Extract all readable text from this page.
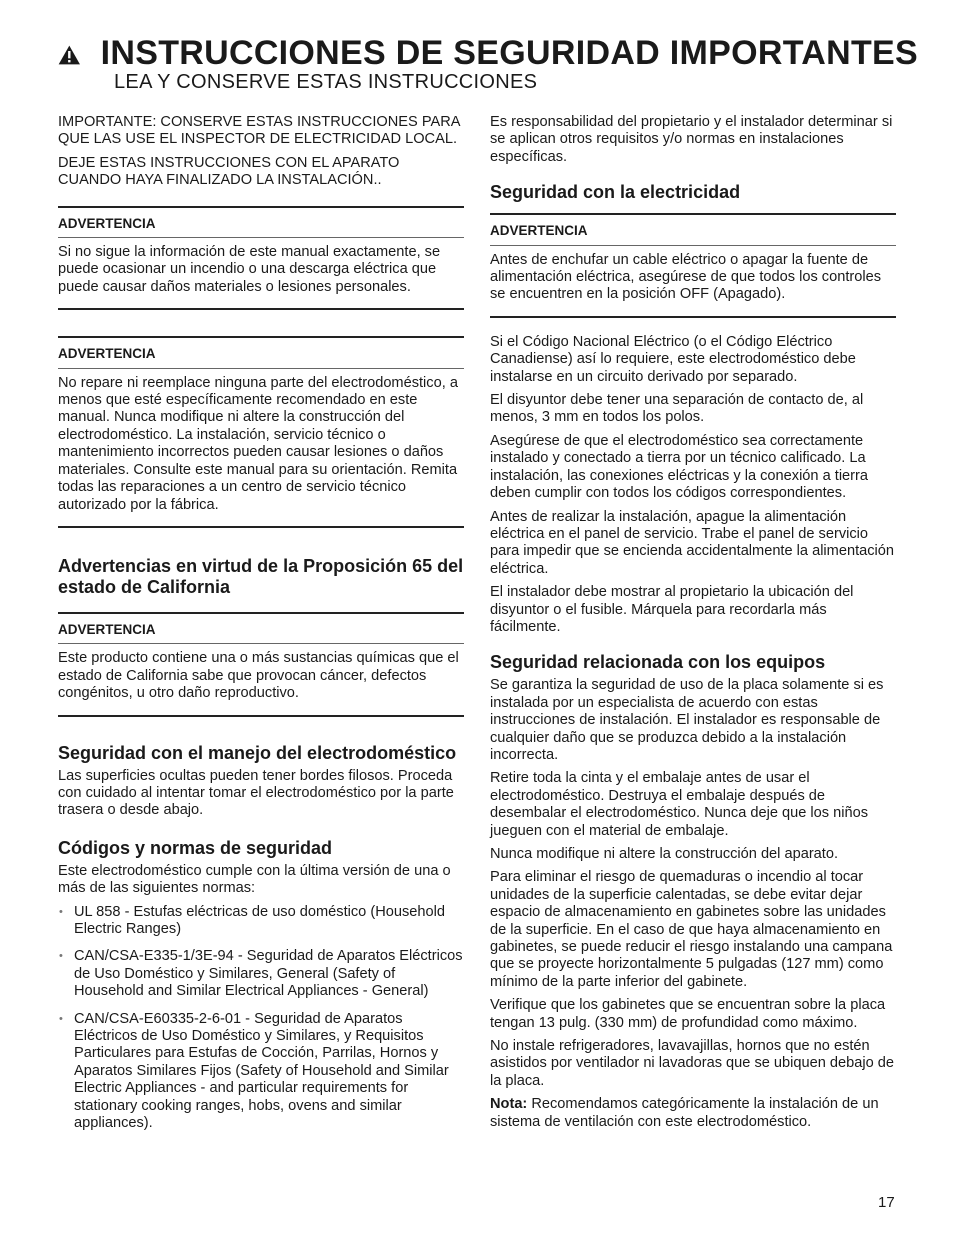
INSTRUCCIONES DE SEGURIDAD IMPORTANTES
LEA Y CONSERVE ESTAS INSTRUCCIONES

IMPORTANTE: CONSERVE ESTAS INSTRUCCIONES PARA QUE LAS USE EL INSPECTOR DE ELECTRICIDAD LOCAL.

DEJE ESTAS INSTRUCCIONES CON EL APARATO CUANDO HAYA FINALIZADO LA INSTALACIÓN..

ADVERTENCIA

Si no sigue la información de este manual exactamente, se puede ocasionar un incendio o una descarga eléctrica que puede causar daños materiales o lesiones personales.

ADVERTENCIA

No repare ni reemplace ninguna parte del electrodoméstico, a menos que esté específicamente recomendado en este manual. Nunca modifique ni altere la construcción del electrodoméstico. La instalación, servicio técnico o mantenimiento incorrectos pueden causar lesiones o daños materiales. Consulte este manual para su orientación. Remita todas las reparaciones a un centro de servicio técnico autorizado por la fábrica.

Advertencias en virtud de la Proposición 65 del estado de California
ADVERTENCIA

Este producto contiene una o más sustancias químicas que el estado de California sabe que provocan cáncer, defectos congénitos, u otro daño reproductivo.

Seguridad con el manejo del electrodoméstico

Las superficies ocultas pueden tener bordes filosos. Proceda con cuidado al intentar tomar el electrodoméstico por la parte trasera o desde abajo.

Códigos y normas de seguridad

Este electrodoméstico cumple con la última versión de una o más de las siguientes normas:

• UL 858 - Estufas eléctricas de uso doméstico (Household Electric Ranges)
• CAN/CSA-E335-1/3E-94 - Seguridad de Aparatos Eléctricos de Uso Doméstico y Similares, General (Safety of Household and Similar Electrical Appliances - General)
• CAN/CSA-E60335-2-6-01 - Seguridad de Aparatos Eléctricos de Uso Doméstico y Similares, y Requisitos Particulares para Estufas de Cocción, Parrilas, Hornos y Aparatos Similares Fijos (Safety of Household and Similar Electric Appliances - and particular requirements for stationary cooking ranges, hobs, ovens and similar appliances).

Es responsabilidad del propietario y el instalador determinar si se aplican otros requisitos y/o normas en instalaciones específicas.

Seguridad con la electricidad
ADVERTENCIA

Antes de enchufar un cable eléctrico o apagar la fuente de alimentación eléctrica, asegúrese de que todos los controles se encuentren en la posición OFF (Apagado).

Si el Código Nacional Eléctrico (o el Código Eléctrico Canadiense) así lo requiere, este electrodoméstico debe instalarse en un circuito derivado por separado.

El disyuntor debe tener una separación de contacto de, al menos, 3 mm en todos los polos.

Asegúrese de que el electrodoméstico sea correctamente instalado y conectado a tierra por un técnico calificado. La instalación, las conexiones eléctricas y la conexión a tierra deben cumplir con todos los códigos correspondientes.

Antes de realizar la instalación, apague la alimentación eléctrica en el panel de servicio. Trabe el panel de servicio para impedir que se encienda accidentalmente la alimentación eléctrica.

El instalador debe mostrar al propietario la ubicación del disyuntor o el fusible. Márquela para recordarla más fácilmente.

Seguridad relacionada con los equipos

Se garantiza la seguridad de uso de la placa solamente si es instalada por un especialista de acuerdo con estas instrucciones de instalación. El instalador es responsable de cualquier daño que se produzca debido a la instalación incorrecta.

Retire toda la cinta y el embalaje antes de usar el electrodoméstico. Destruya el embalaje después de desembalar el electrodoméstico. Nunca deje que los niños jueguen con el material de embalaje.

Nunca modifique ni altere la construcción del aparato.

Para eliminar el riesgo de quemaduras o incendio al tocar unidades de la superficie calentadas, se debe evitar dejar espacio de almacenamiento en gabinetes sobre las unidades de la superficie. En el caso de que haya almacenamiento en gabinetes, se puede reducir el riesgo instalando una campana que se proyecte horizontalmente 5 pulgadas (127 mm) como mínimo de la parte inferior del gabinete.

Verifique que los gabinetes que se encuentran sobre la placa tengan 13 pulg. (330 mm) de profundidad como máximo.

No instale refrigeradores, lavavajillas, hornos que no estén asistidos por ventilador ni lavadoras que se ubiquen debajo de la placa.

Nota: Recomendamos categóricamente la instalación de un sistema de ventilación con este electrodoméstico.

17
